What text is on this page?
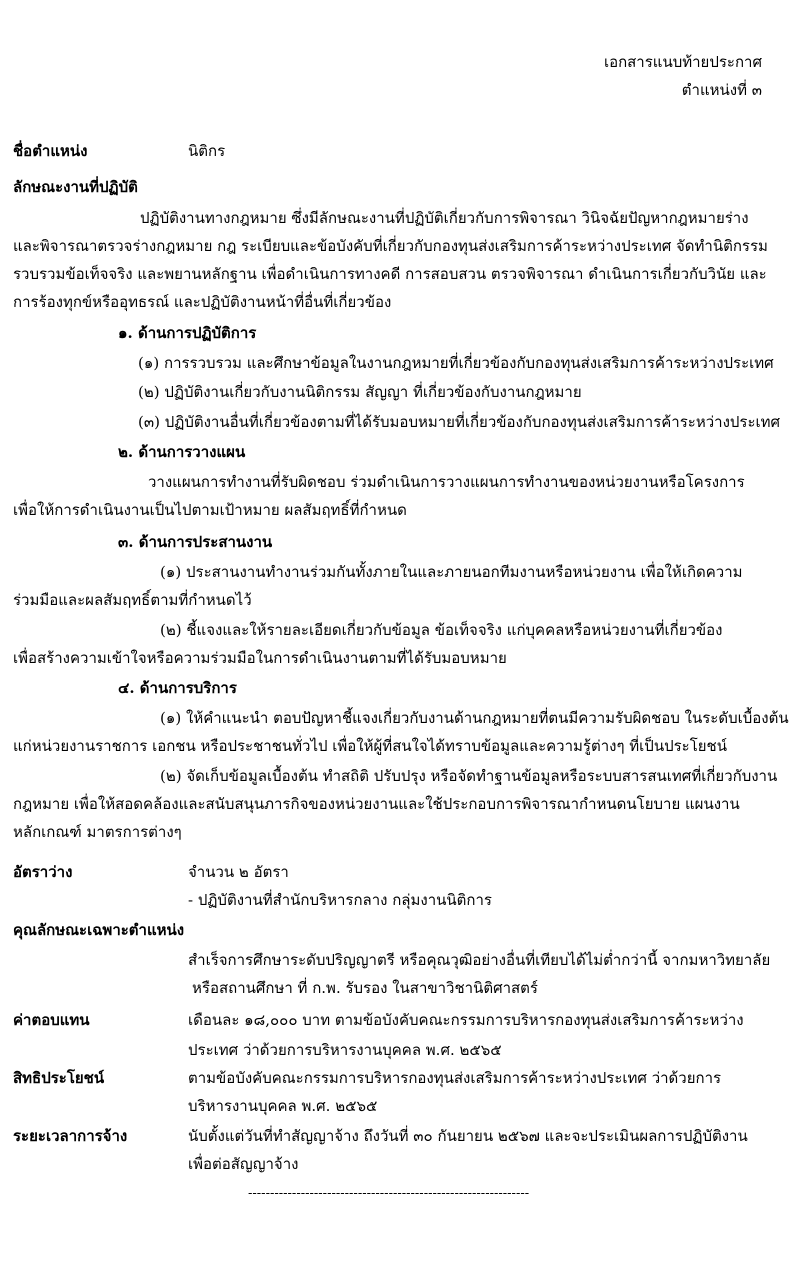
เอกสารแนบท้ายประกาศ
ตำแหน่งที่ ๓
ชื่อตำแหน่ง	นิติกร
ลักษณะงานที่ปฏิบัติ
ปฏิบัติงานทางกฎหมาย ซึ่งมีลักษณะงานที่ปฏิบัติเกี่ยวกับการพิจารณา วินิจฉัยปัญหากฎหมายร่าง
และพิจารณาตรวจร่างกฎหมาย กฎ ระเบียบและข้อบังคับที่เกี่ยวกับกองทุนส่งเสริมการค้าระหว่างประเทศ จัดทำนิติกรรม
รวบรวมข้อเท็จจริง และพยานหลักฐาน เพื่อดำเนินการทางคดี การสอบสวน ตรวจพิจารณา ดำเนินการเกี่ยวกับวินัย และ
การร้องทุกข์หรืออุทธรณ์ และปฏิบัติงานหน้าที่อื่นที่เกี่ยวข้อง
๑. ด้านการปฏิบัติการ
(๑) การรวบรวม และศึกษาข้อมูลในงานกฎหมายที่เกี่ยวข้องกับกองทุนส่งเสริมการค้าระหว่างประเทศ
(๒) ปฏิบัติงานเกี่ยวกับงานนิติกรรม สัญญา ที่เกี่ยวข้องกับงานกฎหมาย
(๓) ปฏิบัติงานอื่นที่เกี่ยวข้องตามที่ได้รับมอบหมายที่เกี่ยวข้องกับกองทุนส่งเสริมการค้าระหว่างประเทศ
๒. ด้านการวางแผน
วางแผนการทำงานที่รับผิดชอบ ร่วมดำเนินการวางแผนการทำงานของหน่วยงานหรือโครงการ
เพื่อให้การดำเนินงานเป็นไปตามเป้าหมาย ผลสัมฤทธิ์ที่กำหนด
๓. ด้านการประสานงาน
(๑) ประสานงานทำงานร่วมกันทั้งภายในและภายนอกทีมงานหรือหน่วยงาน เพื่อให้เกิดความ
ร่วมมือและผลสัมฤทธิ์ตามที่กำหนดไว้
(๒) ชี้แจงและให้รายละเอียดเกี่ยวกับข้อมูล ข้อเท็จจริง แก่บุคคลหรือหน่วยงานที่เกี่ยวข้อง
เพื่อสร้างความเข้าใจหรือความร่วมมือในการดำเนินงานตามที่ได้รับมอบหมาย
๔. ด้านการบริการ
(๑) ให้คำแนะนำ ตอบปัญหาชี้แจงเกี่ยวกับงานด้านกฎหมายที่ตนมีความรับผิดชอบ ในระดับเบื้องต้น
แก่หน่วยงานราชการ เอกชน หรือประชาชนทั่วไป เพื่อให้ผู้ที่สนใจได้ทราบข้อมูลและความรู้ต่างๆ ที่เป็นประโยชน์
(๒) จัดเก็บข้อมูลเบื้องต้น ทำสถิติ ปรับปรุง หรือจัดทำฐานข้อมูลหรือระบบสารสนเทศที่เกี่ยวกับงาน
กฎหมาย เพื่อให้สอดคล้องและสนับสนุนภารกิจของหน่วยงานและใช้ประกอบการพิจารณากำหนดนโยบาย แผนงาน
หลักเกณฑ์ มาตรการต่างๆ
อัตราว่าง	จำนวน ๒ อัตรา
- ปฏิบัติงานที่สำนักบริหารกลาง กลุ่มงานนิติการ
คุณลักษณะเฉพาะตำแหน่ง
สำเร็จการศึกษาระดับปริญญาตรี หรือคุณวุฒิอย่างอื่นที่เทียบได้ไม่ต่ำกว่านี้ จากมหาวิทยาลัย
หรือสถานศึกษา ที่ ก.พ. รับรอง ในสาขาวิชานิติศาสตร์
ค่าตอบแทน	เดือนละ ๑๘,๐๐๐ บาท ตามข้อบังคับคณะกรรมการบริหารกองทุนส่งเสริมการค้าระหว่าง
ประเทศ ว่าด้วยการบริหารงานบุคคล พ.ศ. ๒๕๖๕
สิทธิประโยชน์	ตามข้อบังคับคณะกรรมการบริหารกองทุนส่งเสริมการค้าระหว่างประเทศ ว่าด้วยการ
บริหารงานบุคคล พ.ศ. ๒๕๖๕
ระยะเวลาการจ้าง	นับตั้งแต่วันที่ทำสัญญาจ้าง ถึงวันที่ ๓๐ กันยายน ๒๕๖๗ และจะประเมินผลการปฏิบัติงาน
เพื่อต่อสัญญาจ้าง
----------------------------------------------------------------
